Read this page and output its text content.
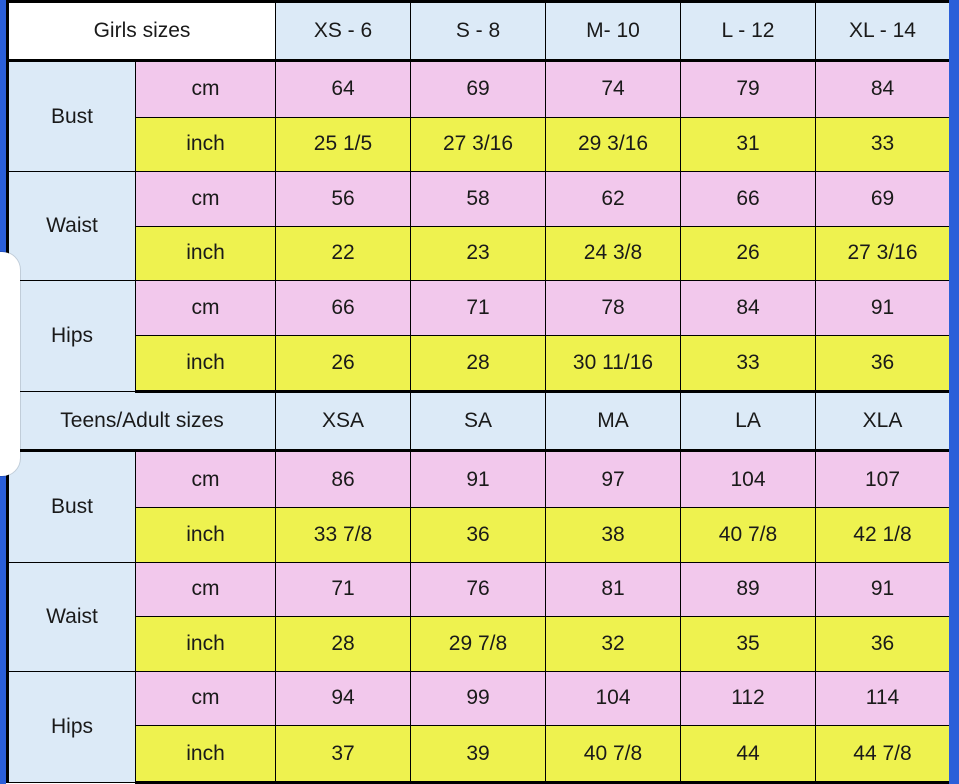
Girls sizes		XS - 6	S - 8	M- 10	L - 12	XL - 14
Bust	cm	64	69	74	79	84
	inch	25 1/5	27 3/16	29 3/16	31	33
Waist	cm	56	58	62	66	69
	inch	22	23	24 3/8	26	27 3/16
Hips	cm	66	71	78	84	91
	inch	26	28	30 11/16	33	36
Teens/Adult sizes		XSA	SA	MA	LA	XLA
Bust	cm	86	91	97	104	107
	inch	33 7/8	36	38	40 7/8	42 1/8
Waist	cm	71	76	81	89	91
	inch	28	29 7/8	32	35	36
Hips	cm	94	99	104	112	114
	inch	37	39	40 7/8	44	44 7/8
